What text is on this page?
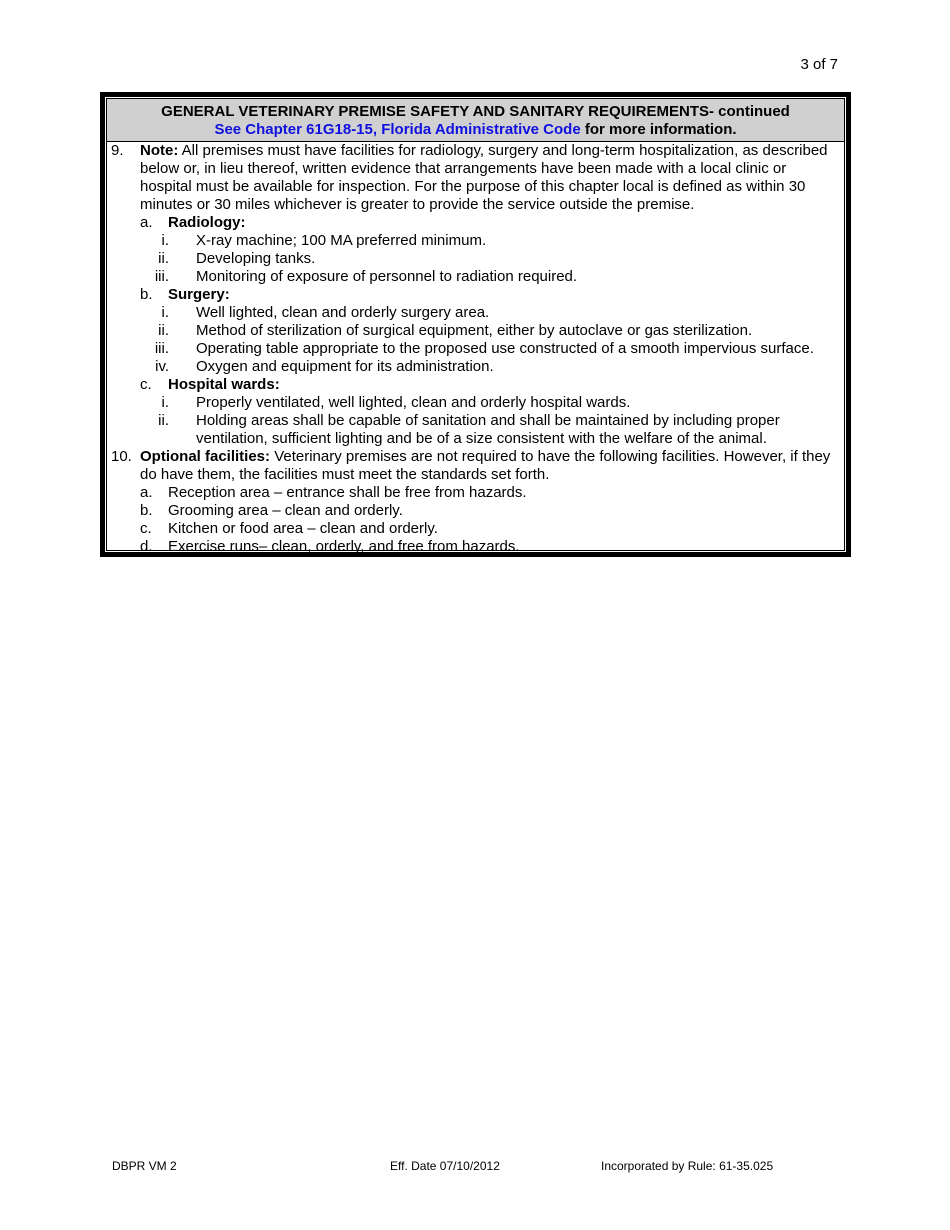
3 of 7
GENERAL VETERINARY PREMISE SAFETY AND SANITARY REQUIREMENTS- continued
See Chapter 61G18-15, Florida Administrative Code for more information.
9.	Note: All premises must have facilities for radiology, surgery and long-term hospitalization, as described below or, in lieu thereof, written evidence that arrangements have been made with a local clinic or hospital must be available for inspection. For the purpose of this chapter local is defined as within 30 minutes or 30 miles whichever is greater to provide the service outside the premise.
a.	Radiology:
i.	X-ray machine; 100 MA preferred minimum.
ii.	Developing tanks.
iii.	Monitoring of exposure of personnel to radiation required.
b.	Surgery:
i.	Well lighted, clean and orderly surgery area.
ii.	Method of sterilization of surgical equipment, either by autoclave or gas sterilization.
iii.	Operating table appropriate to the proposed use constructed of a smooth impervious surface.
iv.	Oxygen and equipment for its administration.
c.	Hospital wards:
i.	Properly ventilated, well lighted, clean and orderly hospital wards.
ii.	Holding areas shall be capable of sanitation and shall be maintained by including proper ventilation, sufficient lighting and be of a size consistent with the welfare of the animal.
10. Optional facilities: Veterinary premises are not required to have the following facilities. However, if they do have them, the facilities must meet the standards set forth.
a.	Reception area – entrance shall be free from hazards.
b.	Grooming area – clean and orderly.
c.	Kitchen or food area – clean and orderly.
d.	Exercise runs– clean, orderly, and free from hazards.
DBPR VM 2	Eff. Date 07/10/2012	Incorporated by Rule: 61-35.025
